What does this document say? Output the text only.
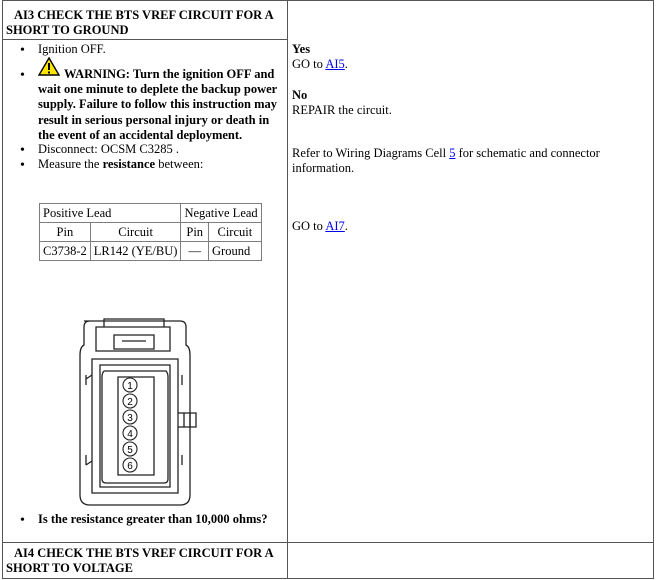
AI3 CHECK THE BTS VREF CIRCUIT FOR A
SHORT TO GROUND
• Ignition OFF.
•	WARNING: Turn the ignition OFF and
wait one minute to deplete the backup power
supply. Failure to follow this instruction may
result in serious personal injury or death in
the event of an accidental deployment.
• Disconnect: OCSM C3285 .
• Measure the resistance between:
Positive Lead		Negative Lead	
Pin	Circuit	Pin	Circuit
C3738-2	LR142 (YE/BU)	—	Ground
1
2
3
4
5
6
• Is the resistance greater than 10,000 ohms?
Yes
GO to AI5.
No
REPAIR the circuit.
Refer to Wiring Diagrams Cell 5 for schematic and connector
information.
GO to AI7.
AI4 CHECK THE BTS VREF CIRCUIT FOR A
SHORT TO VOLTAGE
